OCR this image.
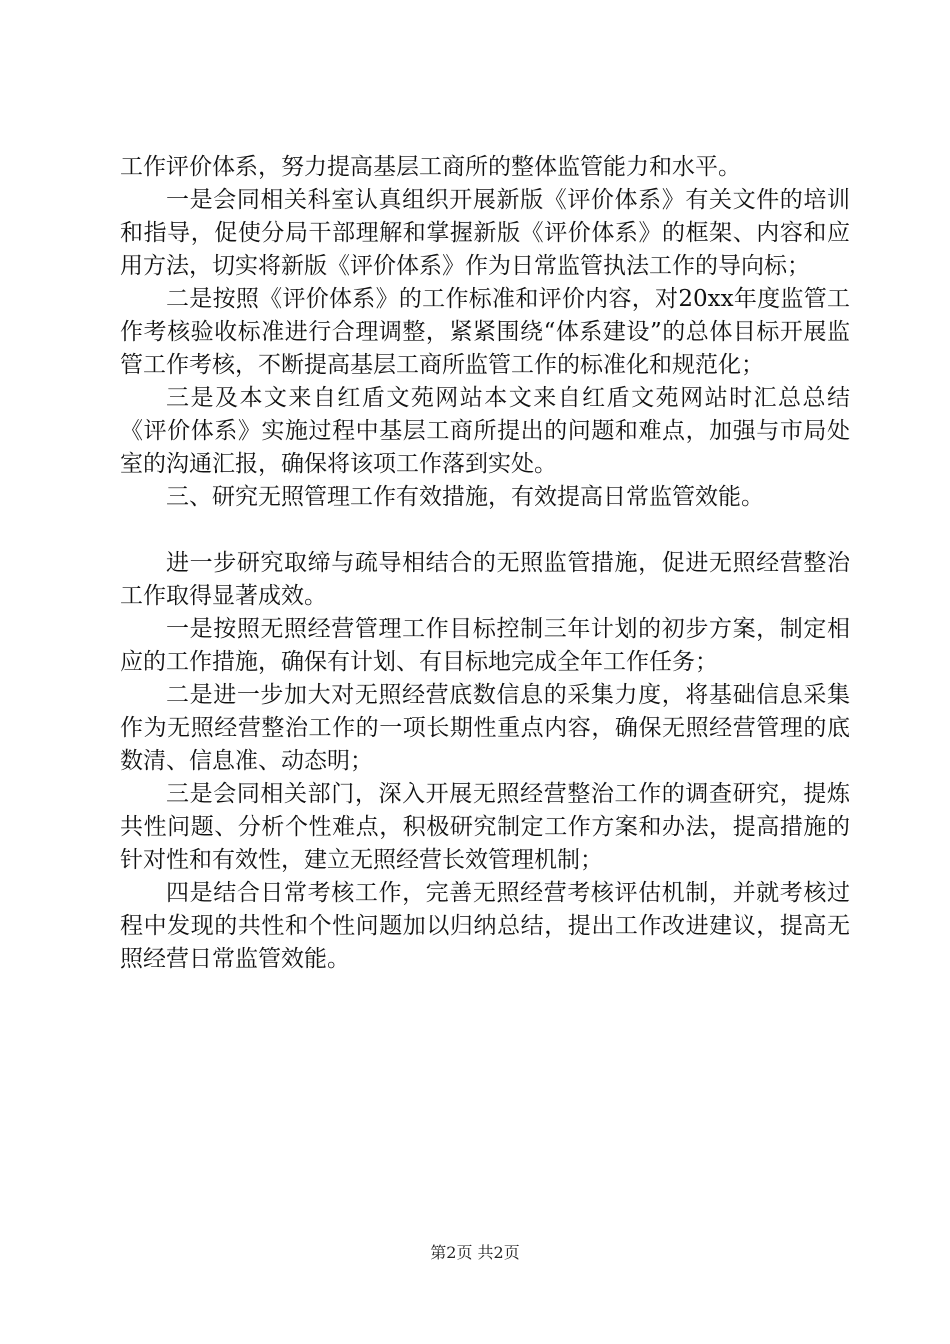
工作评价体系，努力提高基层工商所的整体监管能力和水平。

一是会同相关科室认真组织开展新版《评价体系》有关文件的培训和指导，促使分局干部理解和掌握新版《评价体系》的框架、内容和应用方法，切实将新版《评价体系》作为日常监管执法工作的导向标；

二是按照《评价体系》的工作标准和评价内容，对20xx年度监管工作考核验收标准进行合理调整，紧紧围绕“体系建设”的总体目标开展监管工作考核，不断提高基层工商所监管工作的标准化和规范化；

三是及本文来自红盾文苑网站本文来自红盾文苑网站时汇总总结《评价体系》实施过程中基层工商所提出的问题和难点，加强与市局处室的沟通汇报，确保将该项工作落到实处。

三、研究无照管理工作有效措施，有效提高日常监管效能。

进一步研究取缔与疏导相结合的无照监管措施，促进无照经营整治工作取得显著成效。

一是按照无照经营管理工作目标控制三年计划的初步方案，制定相应的工作措施，确保有计划、有目标地完成全年工作任务；

二是进一步加大对无照经营底数信息的采集力度，将基础信息采集作为无照经营整治工作的一项长期性重点内容，确保无照经营管理的底数清、信息准、动态明；

三是会同相关部门，深入开展无照经营整治工作的调查研究，提炼共性问题、分析个性难点，积极研究制定工作方案和办法，提高措施的针对性和有效性，建立无照经营长效管理机制；

四是结合日常考核工作，完善无照经营考核评估机制，并就考核过程中发现的共性和个性问题加以归纳总结，提出工作改进建议，提高无照经营日常监管效能。

第2页 共2页
